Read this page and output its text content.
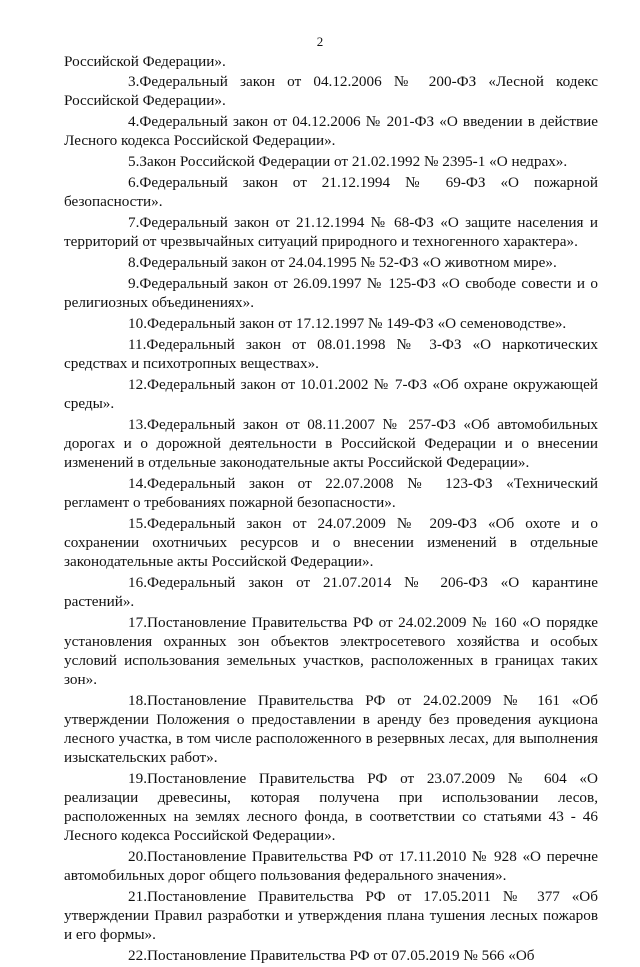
2

Российской Федерации».

3.Федеральный закон от 04.12.2006 № 200-ФЗ «Лесной кодекс Российской Федерации».

4.Федеральный закон от 04.12.2006 № 201-ФЗ «О введении в действие Лесного кодекса Российской Федерации».

5.Закон Российской Федерации от 21.02.1992 № 2395-1 «О недрах».

6.Федеральный закон от 21.12.1994 № 69-ФЗ «О пожарной безопасности».

7.Федеральный закон от 21.12.1994 № 68-ФЗ «О защите населения и территорий от чрезвычайных ситуаций природного и техногенного характера».

8.Федеральный закон от 24.04.1995 № 52-ФЗ «О животном мире».

9.Федеральный закон от 26.09.1997 № 125-ФЗ «О свободе совести и о религиозных объединениях».

10.Федеральный закон от 17.12.1997 № 149-ФЗ «О семеноводстве».

11.Федеральный закон от 08.01.1998 № 3-ФЗ «О наркотических средствах и психотропных веществах».

12.Федеральный закон от 10.01.2002 № 7-ФЗ «Об охране окружающей среды».

13.Федеральный закон от 08.11.2007 № 257-ФЗ «Об автомобильных дорогах и о дорожной деятельности в Российской Федерации и о внесении изменений в отдельные законодательные акты Российской Федерации».

14.Федеральный закон от 22.07.2008 № 123-ФЗ «Технический регламент о требованиях пожарной безопасности».

15.Федеральный закон от 24.07.2009 № 209-ФЗ «Об охоте и о сохранении охотничьих ресурсов и о внесении изменений в отдельные законодательные акты Российской Федерации».

16.Федеральный закон от 21.07.2014 № 206-ФЗ «О карантине растений».

17.Постановление Правительства РФ от 24.02.2009 № 160 «О порядке установления охранных зон объектов электросетевого хозяйства и особых условий использования земельных участков, расположенных в границах таких зон».

18.Постановление Правительства РФ от 24.02.2009 № 161 «Об утверждении Положения о предоставлении в аренду без проведения аукциона лесного участка, в том числе расположенного в резервных лесах, для выполнения изыскательских работ».

19.Постановление Правительства РФ от 23.07.2009 № 604 «О реализации древесины, которая получена при использовании лесов, расположенных на землях лесного фонда, в соответствии со статьями 43 - 46 Лесного кодекса Российской Федерации».

20.Постановление Правительства РФ от 17.11.2010 № 928 «О перечне автомобильных дорог общего пользования федерального значения».

21.Постановление Правительства РФ от 17.05.2011 № 377 «Об утверждении Правил разработки и утверждения плана тушения лесных пожаров и его формы».

22.Постановление Правительства РФ от 07.05.2019 № 566 «Об
